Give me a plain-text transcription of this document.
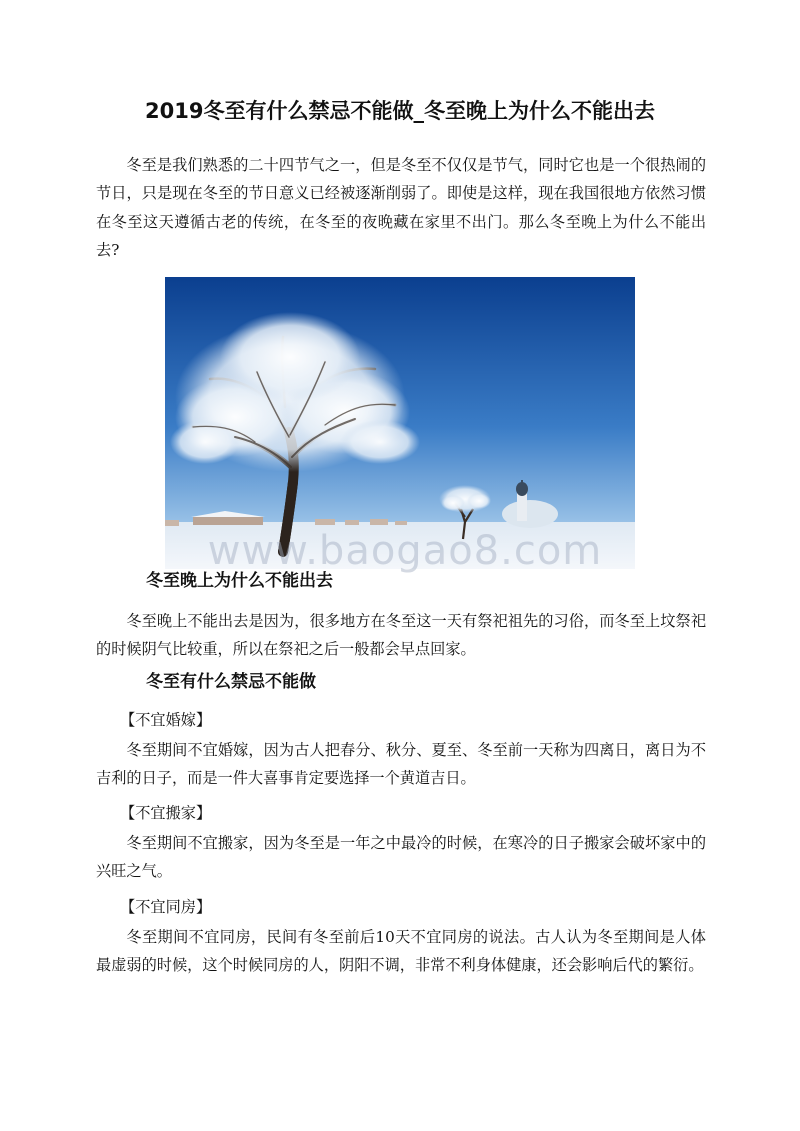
2019冬至有什么禁忌不能做_冬至晚上为什么不能出去

冬至是我们熟悉的二十四节气之一，但是冬至不仅仅是节气，同时它也是一个很热闹的节日，只是现在冬至的节日意义已经被逐渐削弱了。即使是这样，现在我国很地方依然习惯在冬至这天遵循古老的传统，在冬至的夜晚藏在家里不出门。那么冬至晚上为什么不能出去?

www.baogao8.com
冬至晚上为什么不能出去

冬至晚上不能出去是因为，很多地方在冬至这一天有祭祀祖先的习俗，而冬至上坟祭祀的时候阴气比较重，所以在祭祀之后一般都会早点回家。

冬至有什么禁忌不能做

【不宜婚嫁】

冬至期间不宜婚嫁，因为古人把春分、秋分、夏至、冬至前一天称为四离日，离日为不吉利的日子，而是一件大喜事肯定要选择一个黄道吉日。

【不宜搬家】

冬至期间不宜搬家，因为冬至是一年之中最冷的时候，在寒冷的日子搬家会破坏家中的兴旺之气。

【不宜同房】

冬至期间不宜同房，民间有冬至前后10天不宜同房的说法。古人认为冬至期间是人体最虚弱的时候，这个时候同房的人，阴阳不调，非常不利身体健康，还会影响后代的繁衍。
